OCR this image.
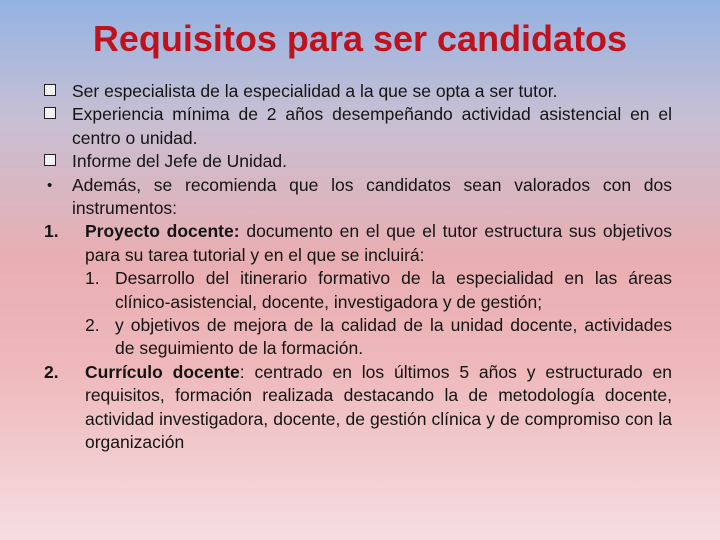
Requisitos para ser candidatos
Ser especialista de la especialidad a la que se opta a ser tutor.
Experiencia mínima de 2 años desempeñando actividad asistencial en el centro o unidad.
Informe del Jefe de Unidad.
• Además, se recomienda que los candidatos sean valorados con dos instrumentos:
1. Proyecto docente: documento en el que el tutor estructura sus objetivos para su tarea tutorial y en el que se incluirá:
1. Desarrollo del itinerario formativo de la especialidad en las áreas clínico-asistencial, docente, investigadora y de gestión;
2. y objetivos de mejora de la calidad de la unidad docente, actividades de seguimiento de la formación.
2. Currículo docente: centrado en los últimos 5 años y estructurado en requisitos, formación realizada destacando la de metodología docente, actividad investigadora, docente, de gestión clínica y de compromiso con la organización
